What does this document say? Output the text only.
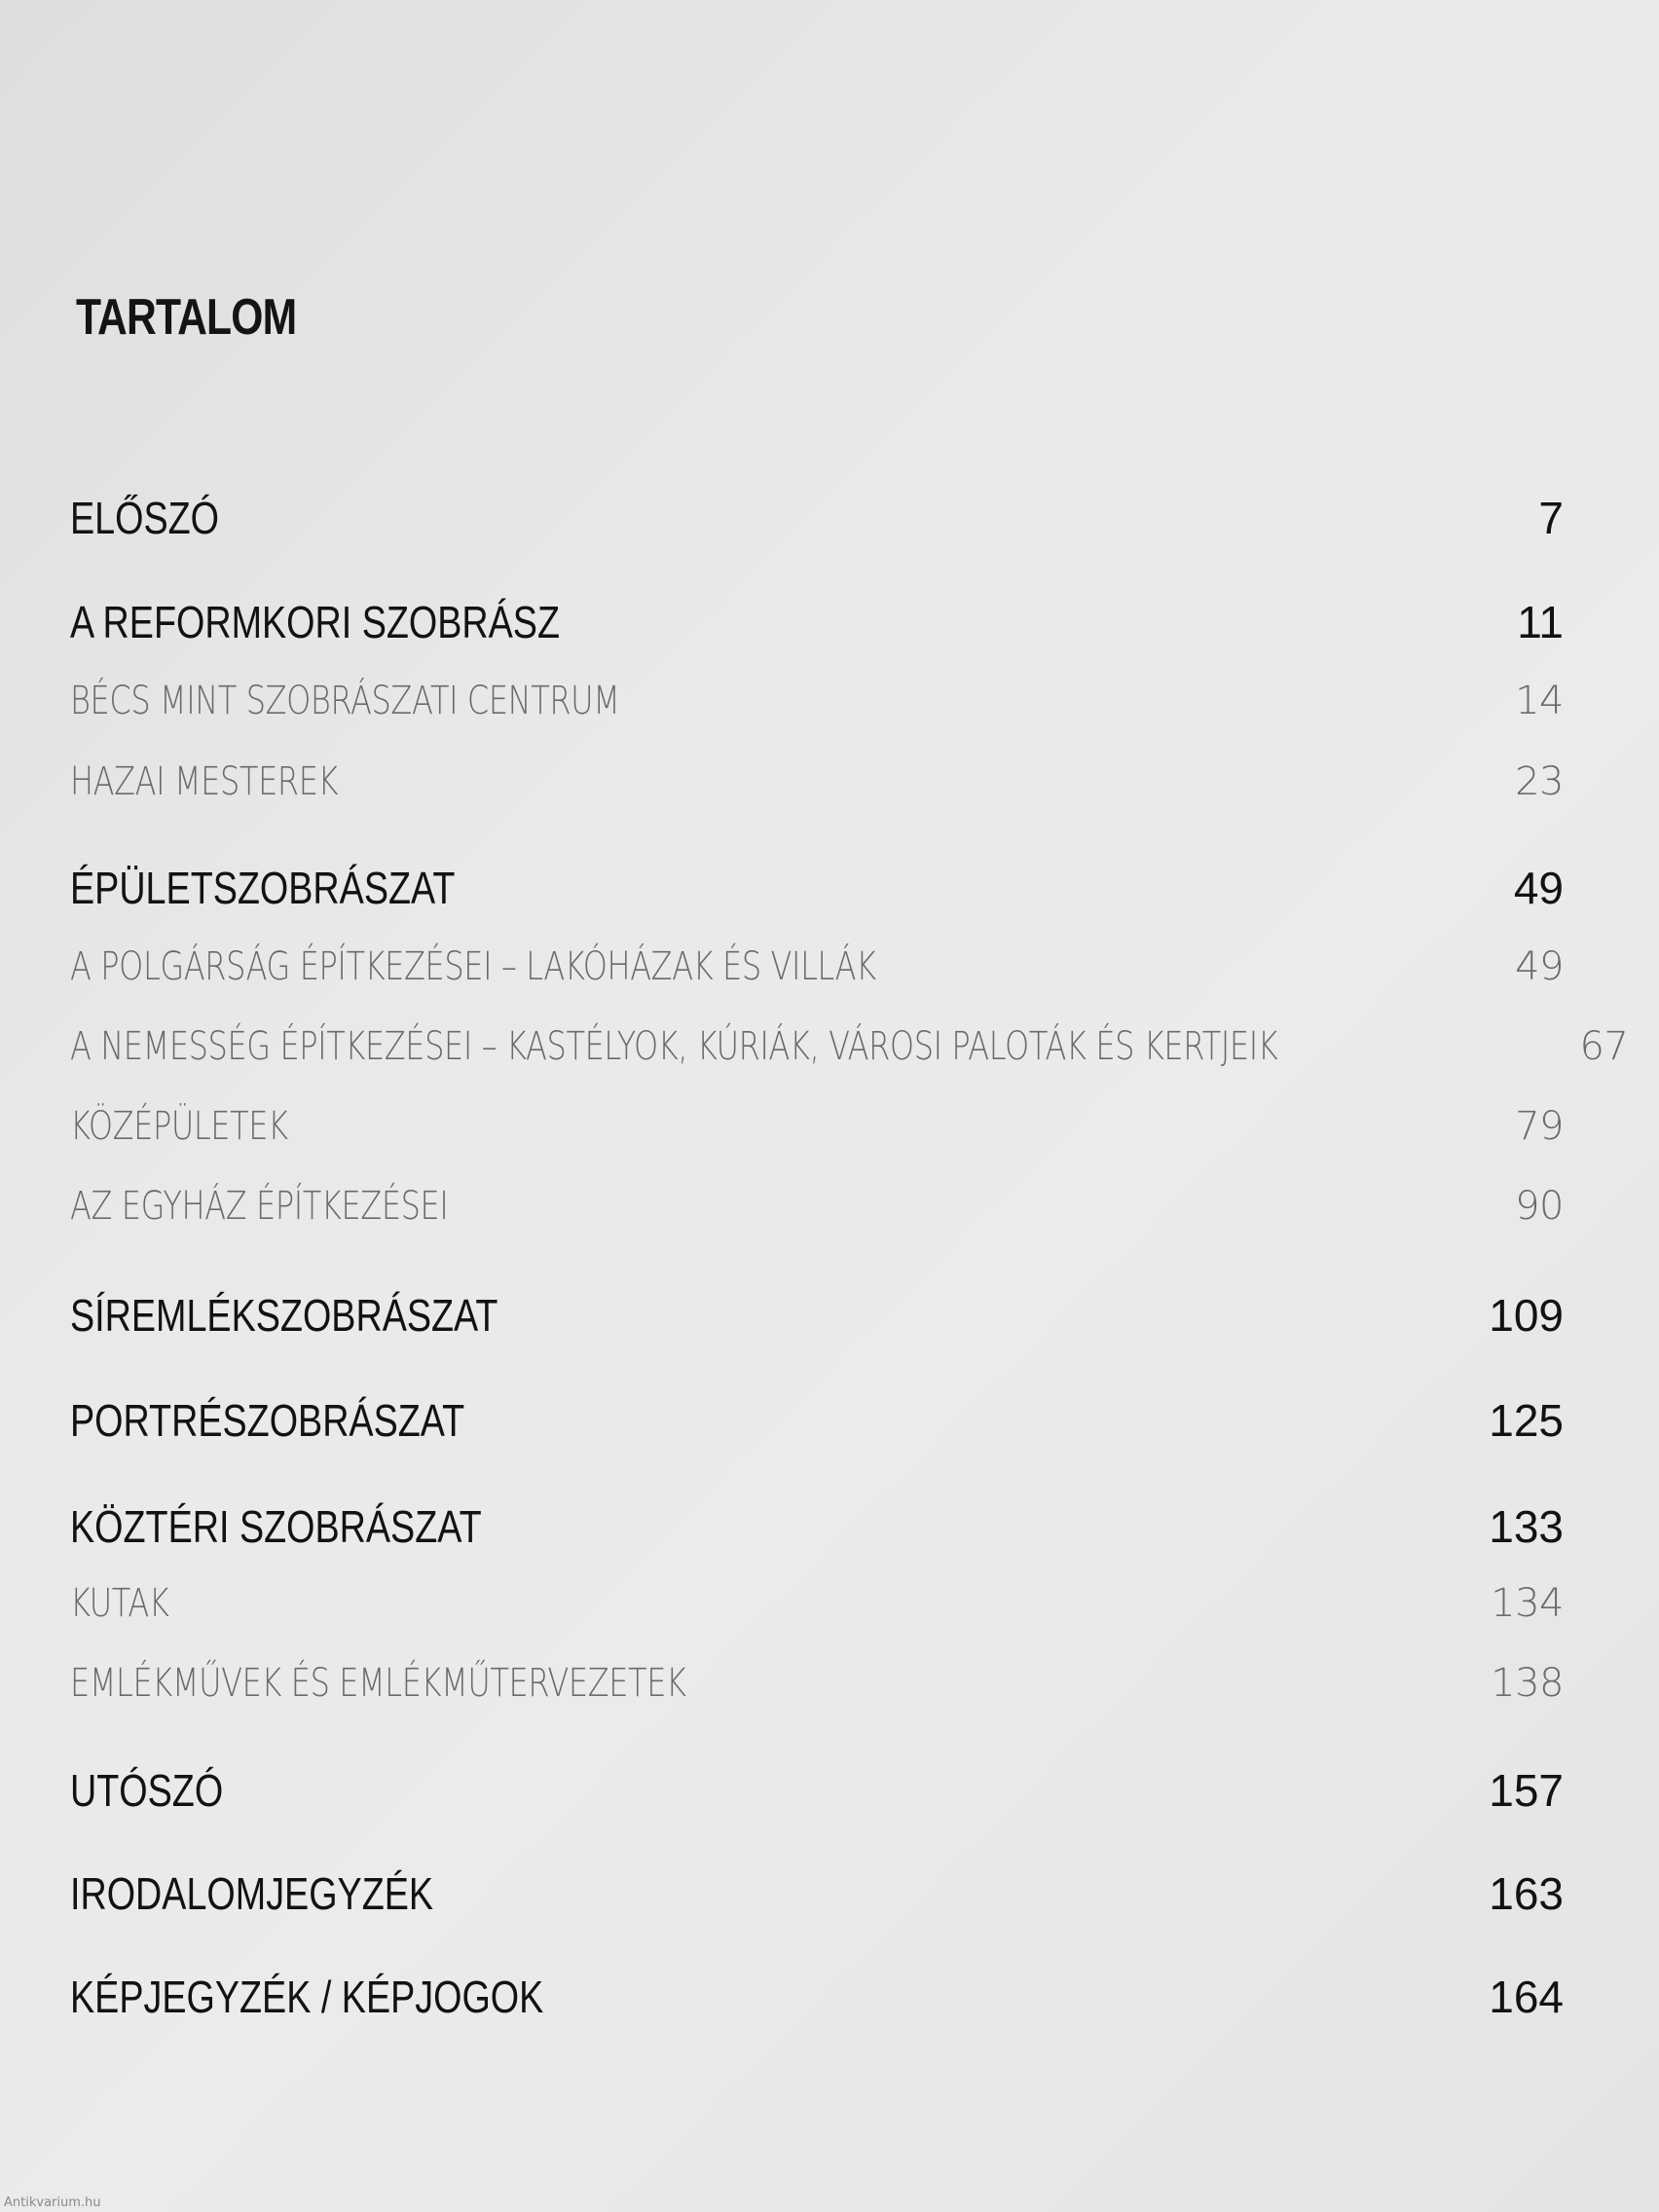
TARTALOM
ELŐSZÓ	7
A REFORMKORI SZOBRÁSZ	11
BÉCS MINT SZOBRÁSZATI CENTRUM	14
HAZAI MESTEREK	23
ÉPÜLETSZOBRÁSZAT	49
A POLGÁRSÁG ÉPÍTKEZÉSEI – LAKÓHÁZAK ÉS VILLÁK	49
A NEMESSÉG ÉPÍTKEZÉSEI – KASTÉLYOK, KÚRIÁK, VÁROSI PALOTÁK ÉS KERTJEIK	67
KÖZÉPÜLETEK	79
AZ EGYHÁZ ÉPÍTKEZÉSEI	90
SÍREMLÉKSZOBRÁSZAT	109
PORTRÉSZOBRÁSZAT	125
KÖZTÉRI SZOBRÁSZAT	133
KUTAK	134
EMLÉKMŰVEK ÉS EMLÉKMŰTERVEZETEK	138
UTÓSZÓ	157
IRODALOMJEGYZÉK	163
KÉPJEGYZÉK / KÉPJOGOK	164
Antikvarium.hu
